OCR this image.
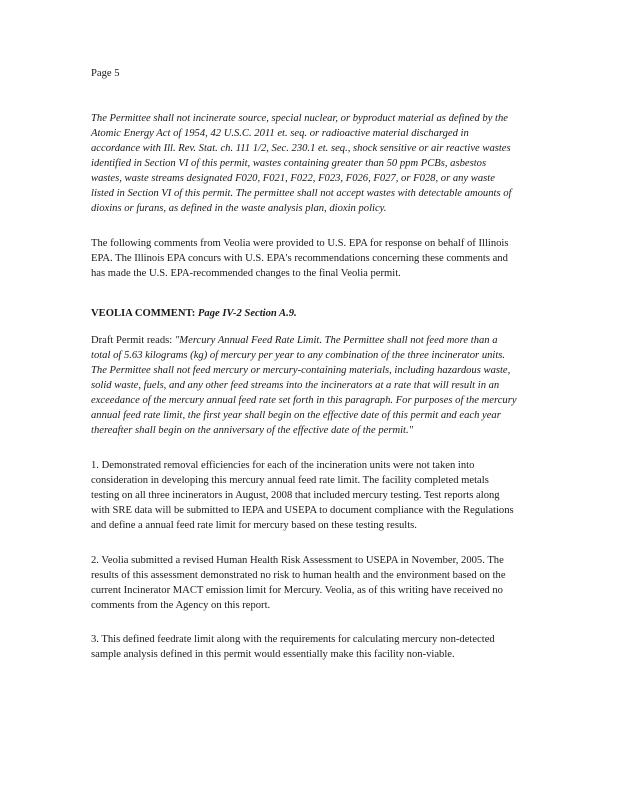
Page 5

The Permittee shall not incinerate source, special nuclear, or byproduct material as defined by the Atomic Energy Act of 1954, 42 U.S.C. 2011 et. seq. or radioactive material discharged in accordance with Ill. Rev. Stat. ch. 111 1/2, Sec. 230.1 et. seq., shock sensitive or air reactive wastes identified in Section VI of this permit, wastes containing greater than 50 ppm PCBs, asbestos wastes, waste streams designated F020, F021, F022, F023, F026, F027, or F028, or any waste listed in Section VI of this permit. The permittee shall not accept wastes with detectable amounts of dioxins or furans, as defined in the waste analysis plan, dioxin policy.

The following comments from Veolia were provided to U.S. EPA for response on behalf of Illinois EPA. The Illinois EPA concurs with U.S. EPA's recommendations concerning these comments and has made the U.S. EPA-recommended changes to the final Veolia permit.

VEOLIA COMMENT: Page IV-2 Section A.9.

Draft Permit reads: "Mercury Annual Feed Rate Limit. The Permittee shall not feed more than a total of 5.63 kilograms (kg) of mercury per year to any combination of the three incinerator units. The Permittee shall not feed mercury or mercury-containing materials, including hazardous waste, solid waste, fuels, and any other feed streams into the incinerators at a rate that will result in an exceedance of the mercury annual feed rate set forth in this paragraph. For purposes of the mercury annual feed rate limit, the first year shall begin on the effective date of this permit and each year thereafter shall begin on the anniversary of the effective date of the permit."

1. Demonstrated removal efficiencies for each of the incineration units were not taken into consideration in developing this mercury annual feed rate limit. The facility completed metals testing on all three incinerators in August, 2008 that included mercury testing. Test reports along with SRE data will be submitted to IEPA and USEPA to document compliance with the Regulations and define a annual feed rate limit for mercury based on these testing results.

2. Veolia submitted a revised Human Health Risk Assessment to USEPA in November, 2005. The results of this assessment demonstrated no risk to human health and the environment based on the current Incinerator MACT emission limit for Mercury. Veolia, as of this writing have received no comments from the Agency on this report.

3. This defined feedrate limit along with the requirements for calculating mercury non-detected sample analysis defined in this permit would essentially make this facility non-viable.
